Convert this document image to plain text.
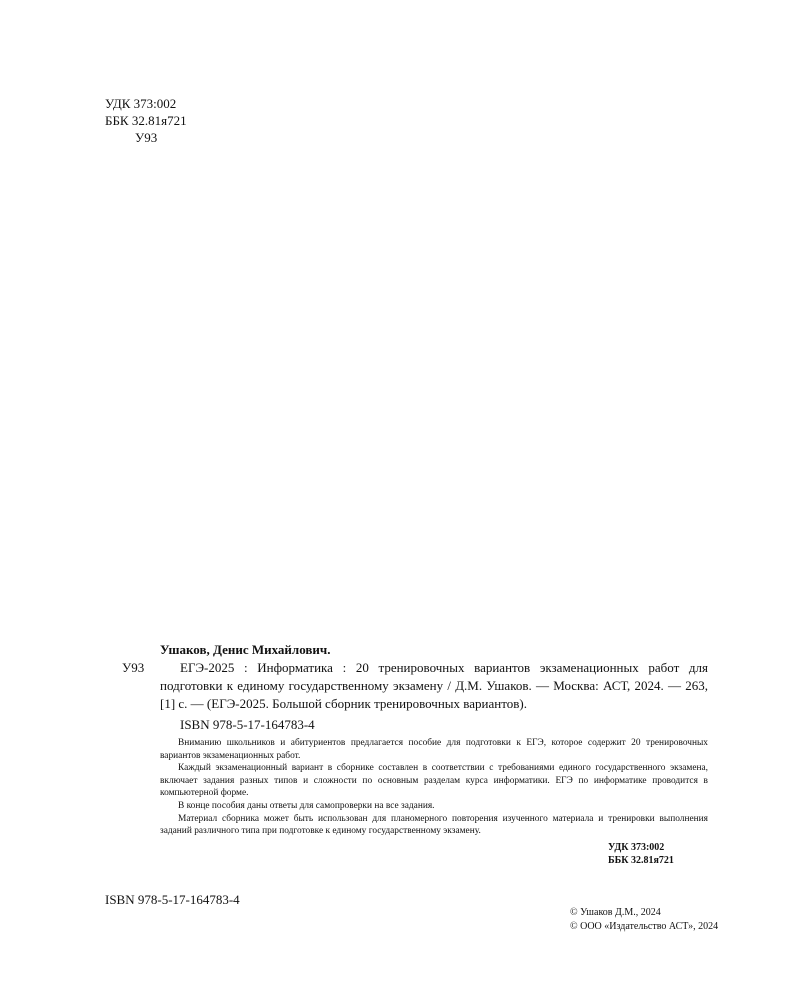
УДК 373:002
ББК 32.81я721
У93
Ушаков, Денис Михайлович.
У93	ЕГЭ-2025 : Информатика : 20 тренировочных вариантов экзаменационных работ для подготовки к единому государственному экзамену / Д.М. Ушаков. — Москва: АСТ, 2024. — 263, [1] с. — (ЕГЭ-2025. Большой сборник тренировочных вариантов).
ISBN 978-5-17-164783-4

Вниманию школьников и абитуриентов предлагается пособие для подготовки к ЕГЭ, которое содержит 20 тренировочных вариантов экзаменационных работ.

Каждый экзаменационный вариант в сборнике составлен в соответствии с требованиями единого государственного экзамена, включает задания разных типов и сложности по основным разделам курса информатики. ЕГЭ по информатике проводится в компьютерной форме.

В конце пособия даны ответы для самопроверки на все задания.

Материал сборника может быть использован для планомерного повторения изученного материала и тренировки выполнения заданий различного типа при подготовке к единому государственному экзамену.

УДК 373:002
ББК 32.81я721
ISBN 978-5-17-164783-4
© Ушаков Д.М., 2024
© ООО «Издательство АСТ», 2024
